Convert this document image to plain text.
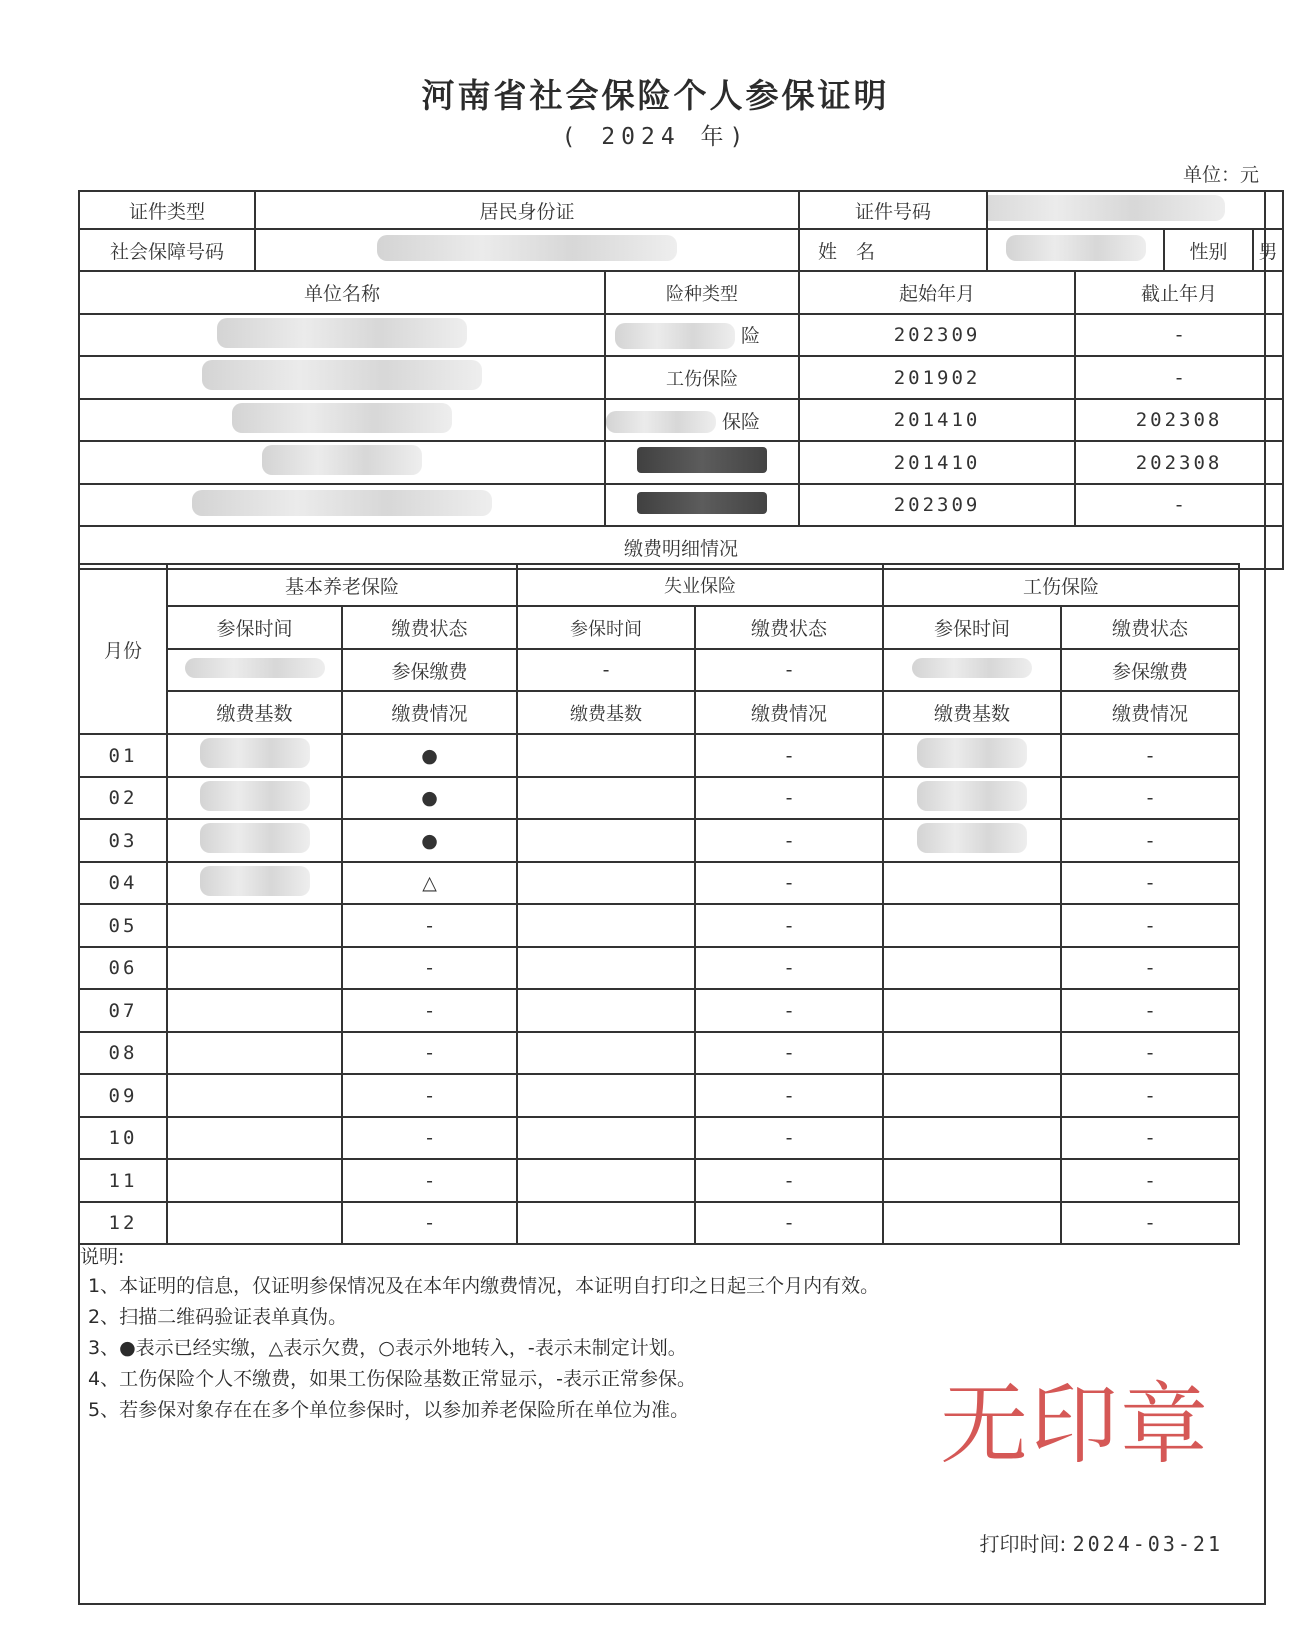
河南省社会保险个人参保证明
( 2024 年)
单位：元
证件类型	居民身份证		证件号码				
社会保障号码			姓　名			性别	男
单位名称		险种类型	起始年月		截止年月		
		险	202309		-		
		工伤保险	201902		-		
		保险	201410		202308		
			201410		202308		
			202309		-		
缴费明细情况							
月份	基本养老保险		失业保险		工伤保险	
	参保时间	缴费状态	参保时间	缴费状态	参保时间	缴费状态
		参保缴费	-	-		参保缴费
	缴费基数	缴费情况	缴费基数	缴费情况	缴费基数	缴费情况
01		●		-		-
02		●		-		-
03		●		-		-
04		△		-		-
05		-		-		-
06		-		-		-
07		-		-		-
08		-		-		-
09		-		-		-
10		-		-		-
11		-		-		-
12		-		-		-
说明:
1、本证明的信息，仅证明参保情况及在本年内缴费情况，本证明自打印之日起三个月内有效。
2、扫描二维码验证表单真伪。
3、●表示已经实缴，△表示欠费，○表示外地转入，-表示未制定计划。
4、工伤保险个人不缴费，如果工伤保险基数正常显示，-表示正常参保。
5、若参保对象存在在多个单位参保时，以参加养老保险所在单位为准。	无印章
打印时间: 2024-03-21
